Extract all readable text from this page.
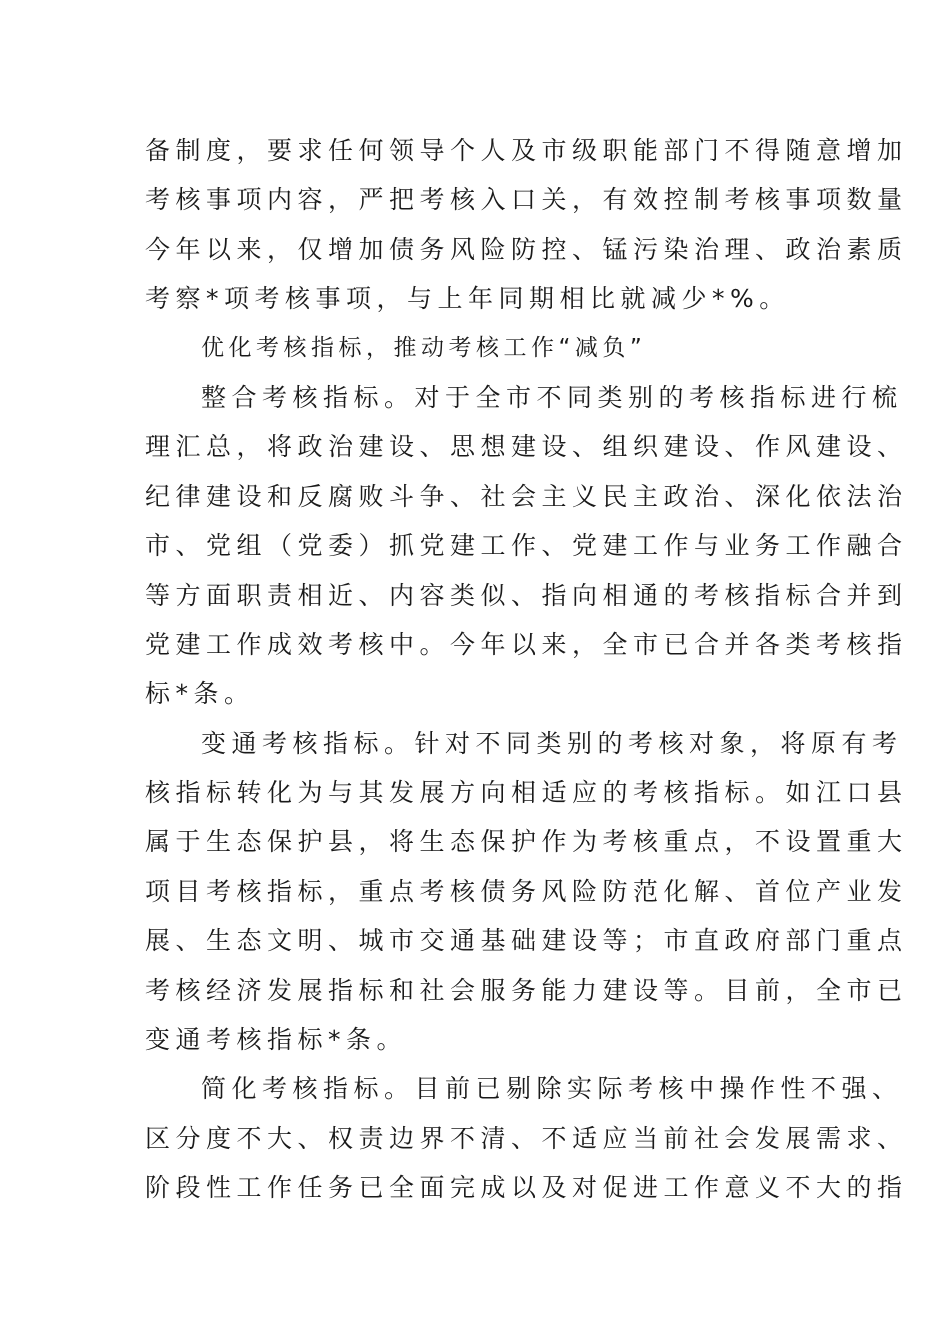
备制度，要求任何领导个人及市级职能部门不得随意增加
考核事项内容，严把考核入口关，有效控制考核事项数量
今年以来，仅增加债务风险防控、锰污染治理、政治素质
考察*项考核事项，与上年同期相比就减少*%。
优化考核指标，推动考核工作“减负”
整合考核指标。对于全市不同类别的考核指标进行梳
理汇总，将政治建设、思想建设、组织建设、作风建设、
纪律建设和反腐败斗争、社会主义民主政治、深化依法治
市、党组（党委）抓党建工作、党建工作与业务工作融合
等方面职责相近、内容类似、指向相通的考核指标合并到
党建工作成效考核中。今年以来，全市已合并各类考核指
标*条。
变通考核指标。针对不同类别的考核对象，将原有考
核指标转化为与其发展方向相适应的考核指标。如江口县
属于生态保护县，将生态保护作为考核重点，不设置重大
项目考核指标，重点考核债务风险防范化解、首位产业发
展、生态文明、城市交通基础建设等；市直政府部门重点
考核经济发展指标和社会服务能力建设等。目前，全市已
变通考核指标*条。
简化考核指标。目前已剔除实际考核中操作性不强、
区分度不大、权责边界不清、不适应当前社会发展需求、
阶段性工作任务已全面完成以及对促进工作意义不大的指
